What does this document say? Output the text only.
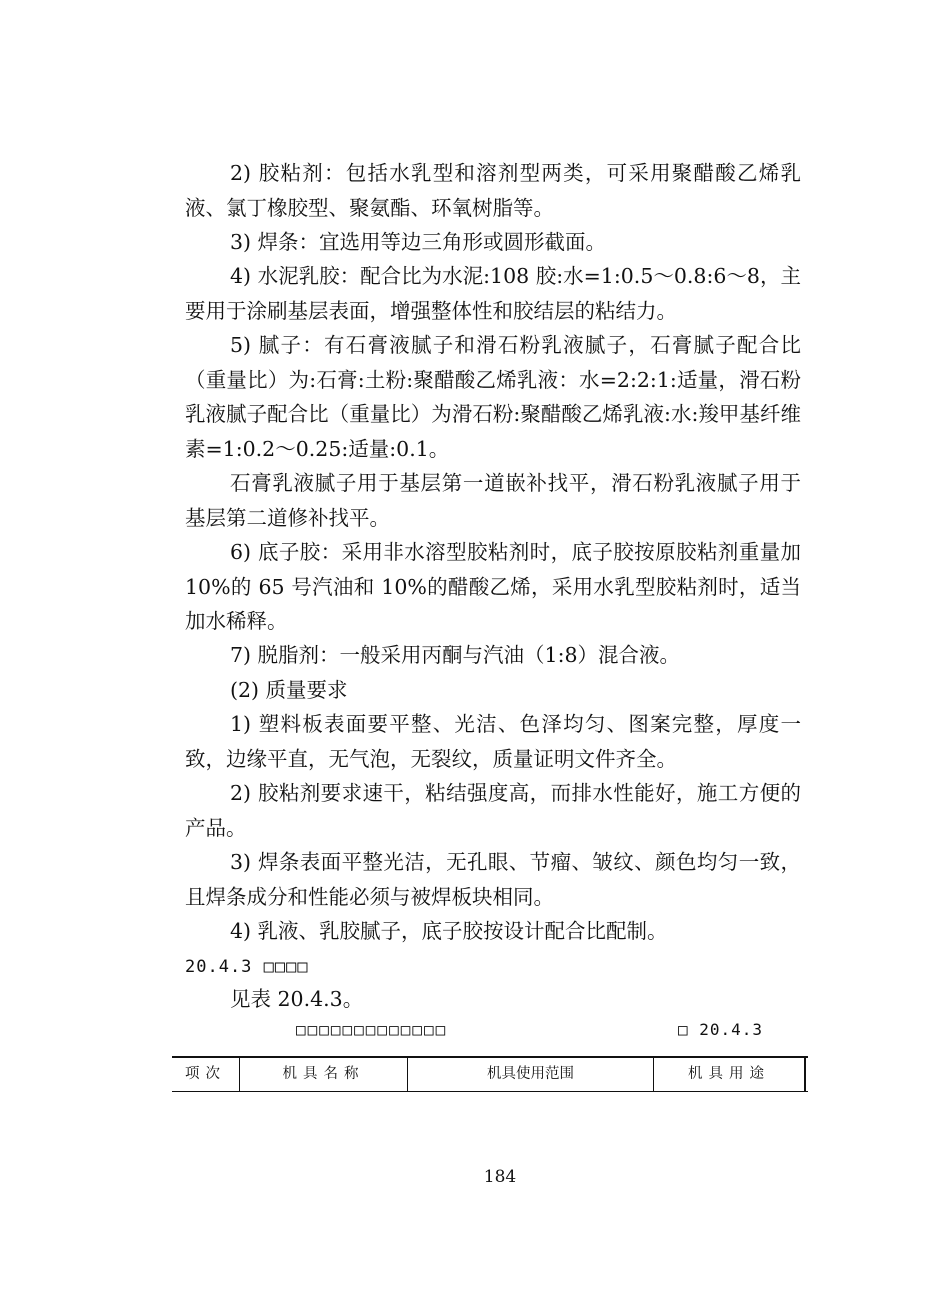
2) 胶粘剂：包括水乳型和溶剂型两类，可采用聚醋酸乙烯乳液、氯丁橡胶型、聚氨酯、环氧树脂等。

3) 焊条：宜选用等边三角形或圆形截面。

4) 水泥乳胶：配合比为水泥:108 胶:水=1:0.5～0.8:6～8，主要用于涂刷基层表面，增强整体性和胶结层的粘结力。

5) 腻子：有石膏液腻子和滑石粉乳液腻子，石膏腻子配合比（重量比）为:石膏:土粉:聚醋酸乙烯乳液：水=2:2:1:适量，滑石粉乳液腻子配合比（重量比）为滑石粉:聚醋酸乙烯乳液:水:羧甲基纤维素=1:0.2～0.25:适量:0.1。

石膏乳液腻子用于基层第一道嵌补找平，滑石粉乳液腻子用于基层第二道修补找平。

6) 底子胶：采用非水溶型胶粘剂时，底子胶按原胶粘剂重量加 10%的 65 号汽油和 10%的醋酸乙烯，采用水乳型胶粘剂时，适当加水稀释。

7) 脱脂剂：一般采用丙酮与汽油（1:8）混合液。

(2) 质量要求

1) 塑料板表面要平整、光洁、色泽均匀、图案完整，厚度一致，边缘平直，无气泡，无裂纹，质量证明文件齐全。

2) 胶粘剂要求速干，粘结强度高，而排水性能好，施工方便的产品。

3) 焊条表面平整光洁，无孔眼、节瘤、皱纹、颜色均匀一致，且焊条成分和性能必须与被焊板块相同。

4) 乳液、乳胶腻子，底子胶按设计配合比配制。

20.4.3 □□□□

见表 20.4.3。

□□□□□□□□□□□□□	□ 20.4.3
项次	机具名称	机具使用范围	机具用途
184
